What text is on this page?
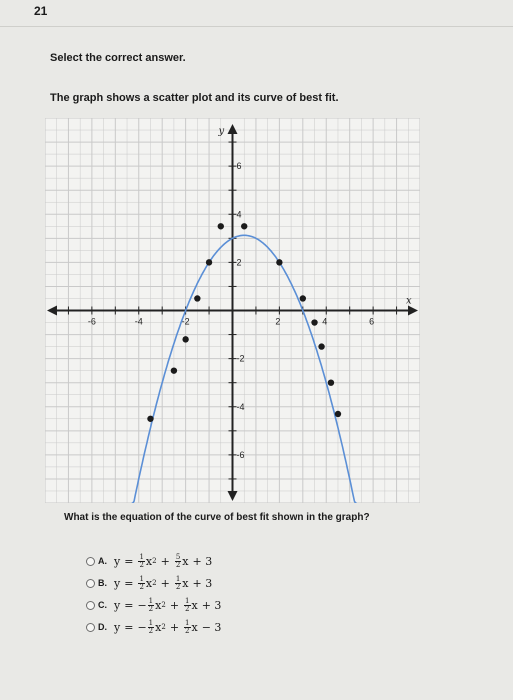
21
Select the correct answer.
The graph shows a scatter plot and its curve of best fit.
-6	-4	-2	2	4	6
-6
-4
-2
2
4
6
x
y
What is the equation of the curve of best fit shown in the graph?
A. $y = \frac{1}{2}$ x $2 + \frac{5}{2}$ x + 3
B. $y = \frac{1}{2}$ x $2 + \frac{1}{2}$ x + 3
C. y = − $\frac{1}{2}$ x $2 + \frac{1}{2}$ x + 3
D. y = − $\frac{1}{2}$ x $2 + \frac{1}{2}$ x − 3
